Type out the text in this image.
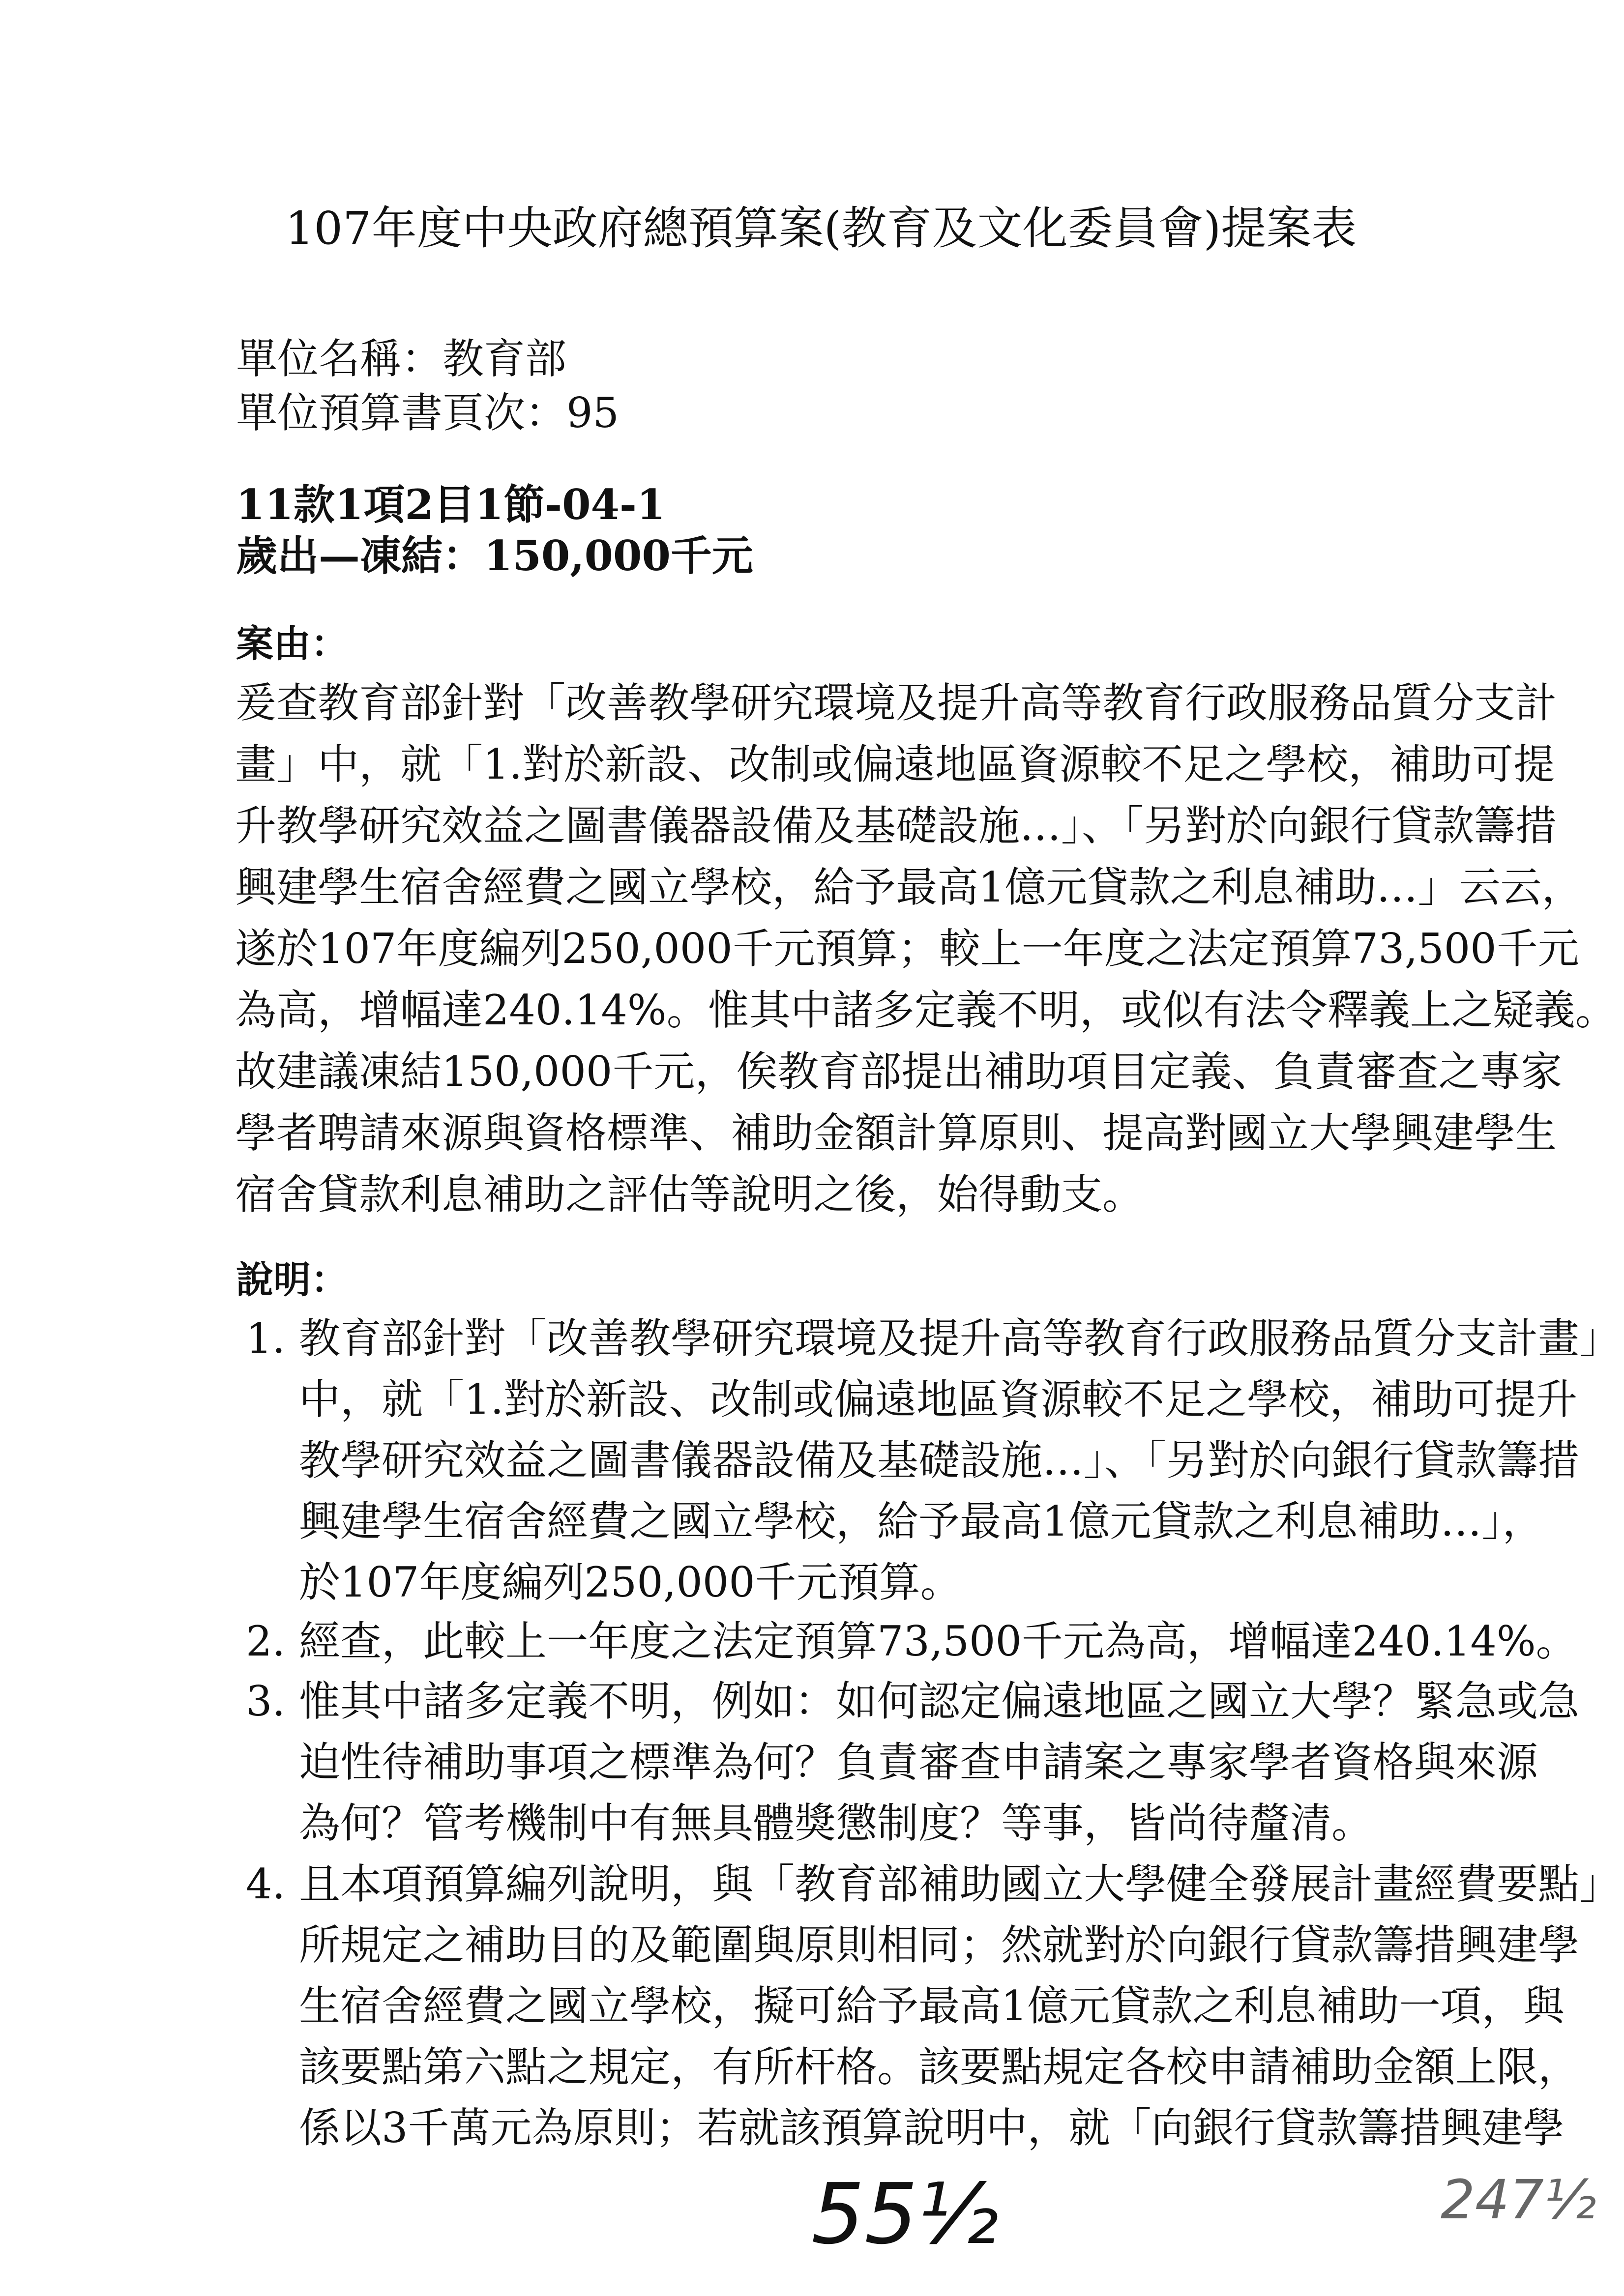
107年度中央政府總預算案(教育及文化委員會)提案表
單位名稱：教育部
單位預算書頁次：95
11款1項2目1節-04-1
歲出—凍結：150,000千元
案由：
爰查教育部針對「改善教學研究環境及提升高等教育行政服務品質分支計
畫」中，就「1.對於新設、改制或偏遠地區資源較不足之學校，補助可提
升教學研究效益之圖書儀器設備及基礎設施…」、「另對於向銀行貸款籌措
興建學生宿舍經費之國立學校，給予最高1億元貸款之利息補助…」云云，
遂於107年度編列250,000千元預算；較上一年度之法定預算73,500千元
為高，增幅達240.14%。惟其中諸多定義不明，或似有法令釋義上之疑義。
故建議凍結150,000千元，俟教育部提出補助項目定義、負責審查之專家
學者聘請來源與資格標準、補助金額計算原則、提高對國立大學興建學生
宿舍貸款利息補助之評估等說明之後，始得動支。
說明：
1. 教育部針對「改善教學研究環境及提升高等教育行政服務品質分支計畫」
中，就「1.對於新設、改制或偏遠地區資源較不足之學校，補助可提升
教學研究效益之圖書儀器設備及基礎設施…」、「另對於向銀行貸款籌措
興建學生宿舍經費之國立學校，給予最高1億元貸款之利息補助…」，
於107年度編列250,000千元預算。
2. 經查，此較上一年度之法定預算73,500千元為高，增幅達240.14%。
3. 惟其中諸多定義不明，例如：如何認定偏遠地區之國立大學？緊急或急
迫性待補助事項之標準為何？負責審查申請案之專家學者資格與來源
為何？管考機制中有無具體獎懲制度？等事，皆尚待釐清。
4. 且本項預算編列說明，與「教育部補助國立大學健全發展計畫經費要點」
所規定之補助目的及範圍與原則相同；然就對於向銀行貸款籌措興建學
生宿舍經費之國立學校，擬可給予最高1億元貸款之利息補助一項，與
該要點第六點之規定，有所杆格。該要點規定各校申請補助金額上限，
係以3千萬元為原則；若就該預算說明中，就「向銀行貸款籌措興建學
55½	247½
